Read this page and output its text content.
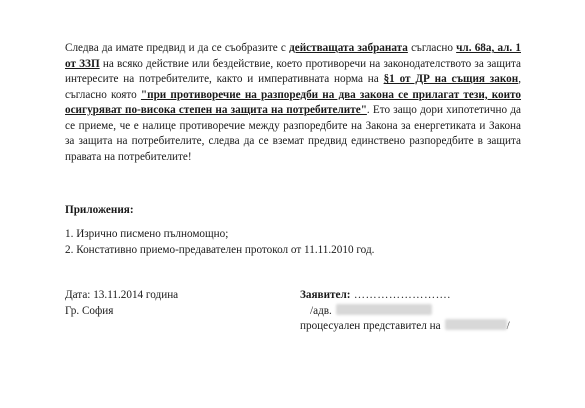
Следва да имате предвид и да се съобразите с действащата забраната съгласно чл. 68а, ал. 1 от ЗЗП на всяко действие или бездействие, което противоречи на законодателството за защита интересите на потребителите, както и императивната норма на §1 от ДР на същия закон, съгласно която "при противоречие на разпоредби на два закона се прилагат тези, които осигуряват по-висока степен на защита на потребителите". Ето защо дори хипотетично да се приеме, че е налице противоречие между разпоредбите на Закона за енергетиката и Закона за защита на потребителите, следва да се вземат предвид единствено разпоредбите в защита правата на потребителите!

Приложения:

1. Изрично писмено пълномощно;
2. Констативно приемо-предавателен протокол от 11.11.2010 год.
Дата: 13.11.2014 година
Гр. София
Заявител: …………………….
/адв.
процесуален представител на	/
